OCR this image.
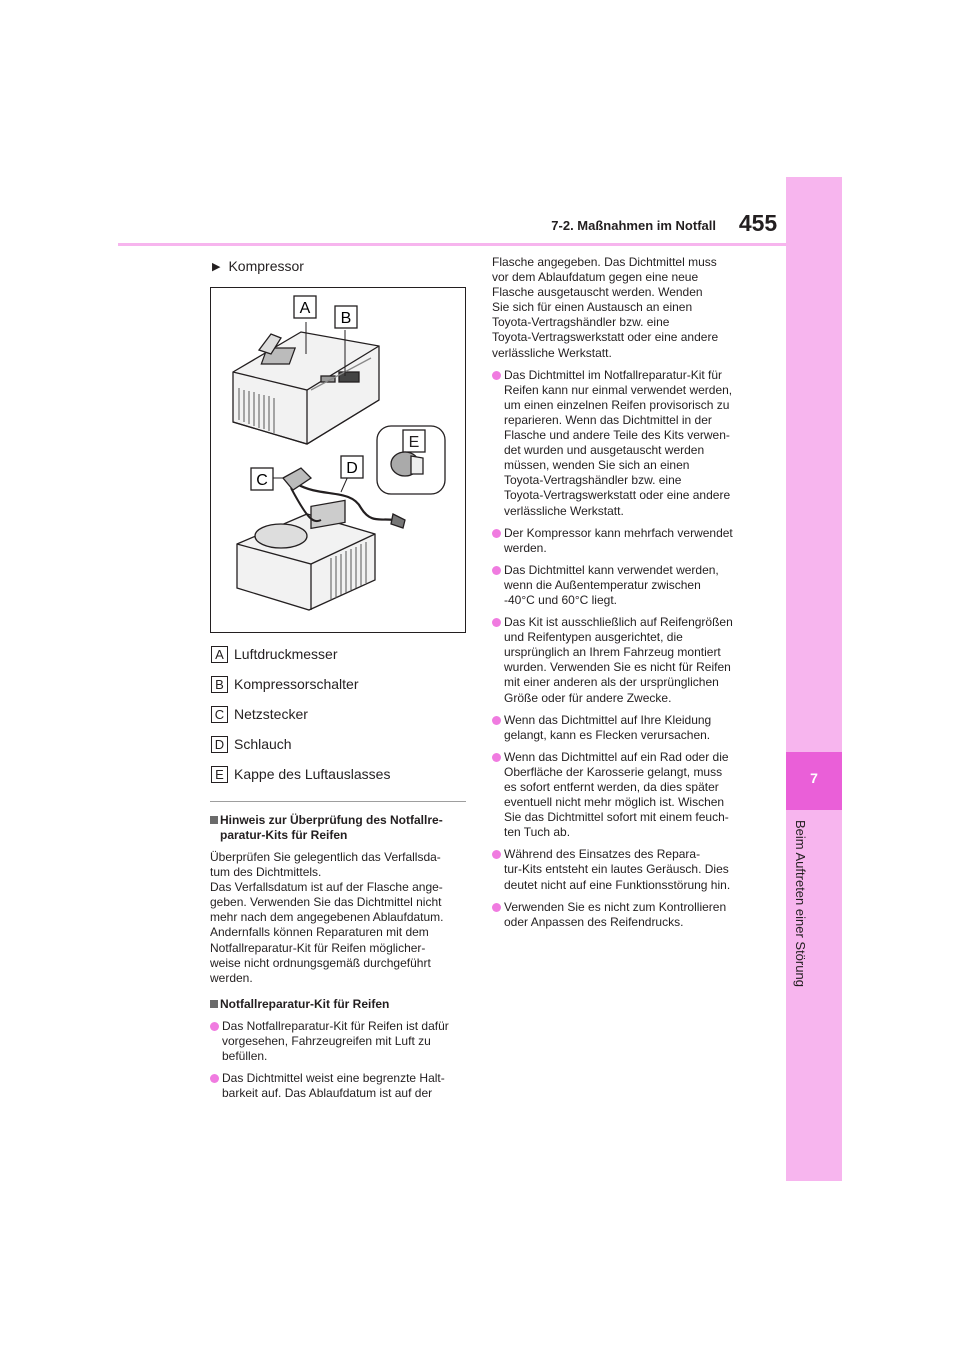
455
7-2. Maßnahmen im Notfall
7
Beim Auftreten einer Störung
▶ Kompressor
A
B
C
D
E
A Luftdruckmesser
B Kompressorschalter
C Netzstecker
D Schlauch
E Kappe des Luftauslasses
Hinweis zur Überprüfung des Notfallre-
paratur-Kits für Reifen
Überprüfen Sie gelegentlich das Verfallsda-
tum des Dichtmittels.
Das Verfallsdatum ist auf der Flasche ange-
geben. Verwenden Sie das Dichtmittel nicht
mehr nach dem angegebenen Ablaufdatum.
Andernfalls können Reparaturen mit dem
Notfallreparatur-Kit für Reifen möglicher-
weise nicht ordnungsgemäß durchgeführt
werden.
Notfallreparatur-Kit für Reifen
Das Notfallreparatur-Kit für Reifen ist dafür
vorgesehen, Fahrzeugreifen mit Luft zu
befüllen.
Das Dichtmittel weist eine begrenzte Halt-
barkeit auf. Das Ablaufdatum ist auf der
Flasche angegeben. Das Dichtmittel muss
vor dem Ablaufdatum gegen eine neue
Flasche ausgetauscht werden. Wenden
Sie sich für einen Austausch an einen
Toyota-Vertragshändler bzw. eine
Toyota-Vertragswerkstatt oder eine andere
verlässliche Werkstatt.
Das Dichtmittel im Notfallreparatur-Kit für
Reifen kann nur einmal verwendet werden,
um einen einzelnen Reifen provisorisch zu
reparieren. Wenn das Dichtmittel in der
Flasche und andere Teile des Kits verwen-
det wurden und ausgetauscht werden
müssen, wenden Sie sich an einen
Toyota-Vertragshändler bzw. eine
Toyota-Vertragswerkstatt oder eine andere
verlässliche Werkstatt.
Der Kompressor kann mehrfach verwendet
werden.
Das Dichtmittel kann verwendet werden,
wenn die Außentemperatur zwischen
-40°C und 60°C liegt.
Das Kit ist ausschließlich auf Reifengrößen
und Reifentypen ausgerichtet, die
ursprünglich an Ihrem Fahrzeug montiert
wurden. Verwenden Sie es nicht für Reifen
mit einer anderen als der ursprünglichen
Größe oder für andere Zwecke.
Wenn das Dichtmittel auf Ihre Kleidung
gelangt, kann es Flecken verursachen.
Wenn das Dichtmittel auf ein Rad oder die
Oberfläche der Karosserie gelangt, muss
es sofort entfernt werden, da dies später
eventuell nicht mehr möglich ist. Wischen
Sie das Dichtmittel sofort mit einem feuch-
ten Tuch ab.
Während des Einsatzes des Repara-
tur-Kits entsteht ein lautes Geräusch. Dies
deutet nicht auf eine Funktionsstörung hin.
Verwenden Sie es nicht zum Kontrollieren
oder Anpassen des Reifendrucks.
